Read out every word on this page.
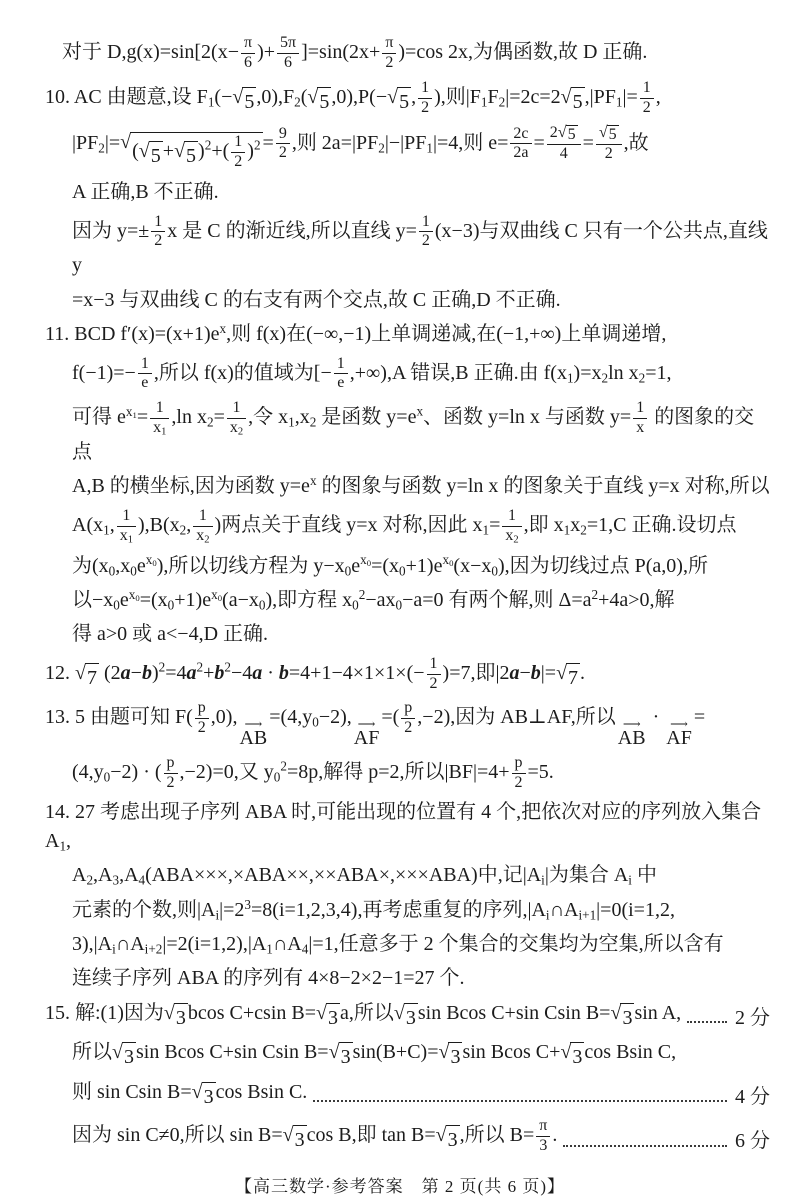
对于 $D,g(x)=\sin[2(x- \frac{\pi}{6}$ )+ $\frac{5\pi}{6} ]=\sin(2x+ \frac{\pi}{2} )=\cos$ 2x,为偶函数,故 D 正确.
10. AC 由题意,设 $F_1(-$ √ 5 $,0),F_2$( √ 5 ,0),P(− √ 5 , $\frac{1}{2}$ ),则$|F_1F_2|=2c=2$ √ 5 $,|PF_1|= \frac{1}{2}$ ,
$|PF_2|=$ √ ( √ 5 + √ 5 )$^2+( \frac{1}{2} )^2 = \frac{9}{2}$ ,则 $2a=|PF_2|-|PF_1|=4$,则 $e= \frac{2c}{2a} = \frac{2 √ 5}{4} = \frac{√ 5}{2}$ ,故
A 正确,B 不正确.
因为 $y=\pm \frac{1}{2}$ x 是 C 的渐近线,所以直线 $y= \frac{1}{2} (x-3)$与双曲线 C 只有一个公共点,直线 y
=x−3 与双曲线 C 的右支有两个交点,故 C 正确,D 不正确.
11. BCD $f'(x)=(x+1)e^x$,则 f(x)在(−∞,−1)上单调递减,在(−1,+∞)上单调递增,
$f(-1)=- \frac{1}{e}$ ,所以 f(x)的值域为[− $\frac{1}{e} ,+\infty),A$ 错误,B 正确.由 $f(x_1)=x_2\ln$ $x_2=1$,
可得 $e^{x_1}= \frac{1}{x_1} ,\ln$ $x_2= \frac{1}{x_2}$ ,令 $x_1,x_2$ 是函数 $y=e^x$、函数 y=ln x 与函数 $y= \frac{1}{x}$ 的图象的交点
A,B 的横坐标,因为函数 $y=e^x$ 的图象与函数 y=ln x 的图象关于直线 y=x 对称,所以
$A(x_1$, $\frac{1}{x_1} ),B(x_2$, $\frac{1}{x_2}$ )两点关于直线 y=x 对称,因此 $x_1= \frac{1}{x_2}$ ,即 $x_1x_2=1,C$ 正确.设切点
为$(x_0,x_0e^{x_0})$,所以切线方程为 $y-x_0e^{x_0}=(x_0+1)e^{x_0}(x-x_0)$,因为切线过点 P(a,0),所
以$-x_0e^{x_0}=(x_0+1)e^{x_0}(a-x_0)$,即方程 $x_0^2-ax_0-a=0$ 有两个解,则 $\Delta=a^2+4a>0$,解
得 a>0 或 a<−4,D 正确.
12. √ 7 $(2a-b)^2=4a^2+b^2-4a \cdot b=4+1-4\times 1\times 1\times(- \frac{1}{2} )=7$,即|2a−b|= √ 7 .
13. 5 由题可知 $F( \frac{p}{2} ,0)$, ⟶
AB
$=(4,y_0-2)$, ⟶
AF
=( $\frac{p}{2} ,-2$),因为 AB⊥AF,所以 ⟶
AB
· ⟶
AF
=
$(4,y_0-2)$ · ( $\frac{p}{2} ,-2)=0$,又 $y_0^2=8p$,解得 p=2,所以$|BF|=4+ \frac{p}{2} =5$.
14. 27 考虑出现子序列 ABA 时,可能出现的位置有 4 个,把依次对应的序列放入集合 $A_1$,
$A_2,A_3,A_4(ABA\times\times\times,\times ABA\times\times,\times\times ABA\times,\times\times\times ABA)$中,记$|A_i|$为集合 $A_i$ 中
元素的个数,则$|A_i|=2^3=8(i=1,2,3,4)$,再考虑重复的序列$,|A_i\cap A_{i+1}|=0(i=1,2$,
$3),|A_i\cap A_{i+2}|=2(i=1,2),|A_1\cap A_4|=1$,任意多于 2 个集合的交集均为空集,所以含有
连续子序列 ABA 的序列有 4×8−2×2−1=27 个.
15. 解:(1)因为 √ 3 bcos C+csin B= √ 3 a,所以 √ 3 sin Bcos C+sin Csin B= √ 3 sin A,	2 分
所以 √ 3 sin Bcos C+sin Csin B= √ 3 sin(B+C)= √ 3 sin Bcos C+ √ 3 cos Bsin C,
则 sin Csin B= √ 3 cos Bsin C.	4 分
因为 sin C≠0,所以 sin B= √ 3 cos B,即 tan B= √ 3 ,所以 $B= \frac{\pi}{3}$ .	6 分
【高三数学·参考答案　第 2 页(共 6 页)】
